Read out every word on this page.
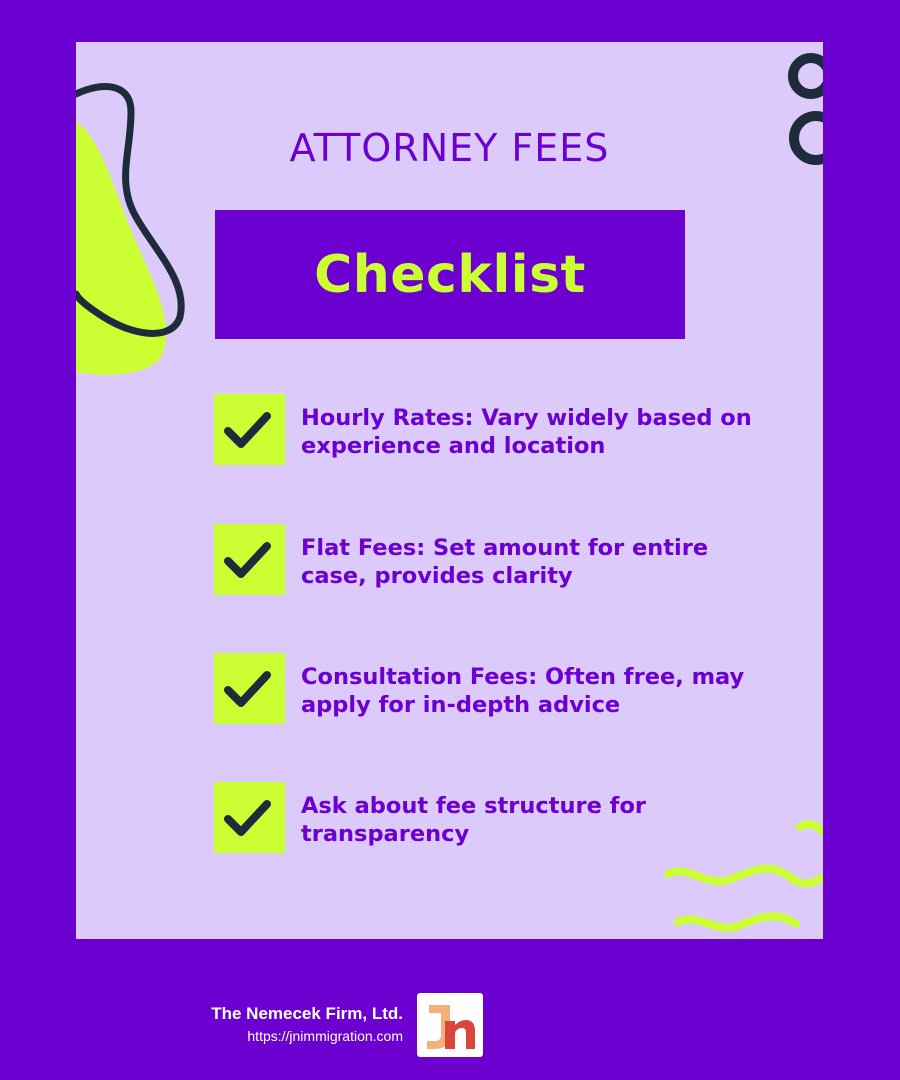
ATTORNEY FEES
Checklist
Hourly Rates: Vary widely based on experience and location
Flat Fees: Set amount for entire case, provides clarity
Consultation Fees: Often free, may apply for in-depth advice
Ask about fee structure for transparency
The Nemecek Firm, Ltd.
https://jnimmigration.com
